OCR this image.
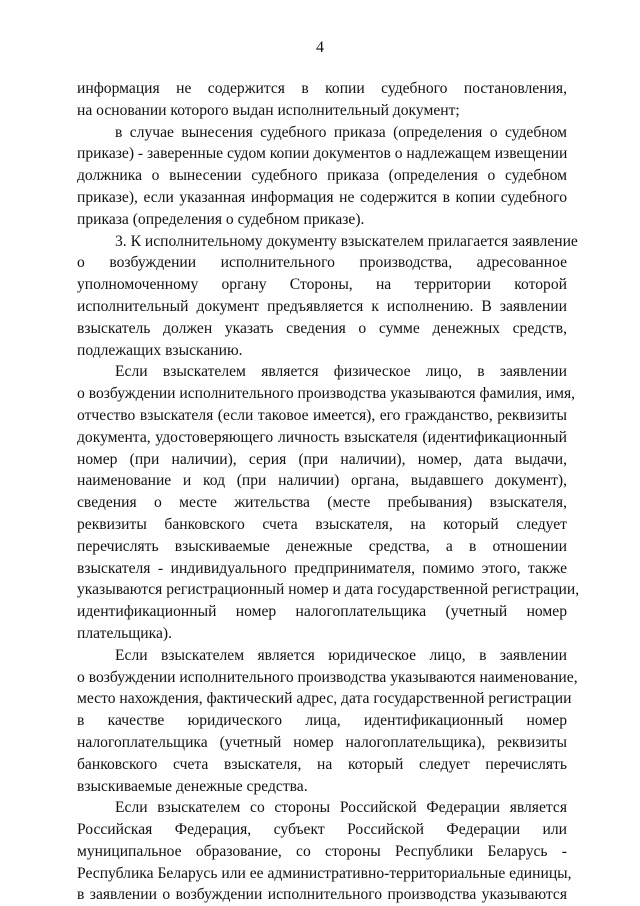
4
информация не содержится в копии судебного постановления,
на основании которого выдан исполнительный документ;
в случае вынесения судебного приказа (определения о судебном
приказе) - заверенные судом копии документов о надлежащем извещении
должника о вынесении судебного приказа (определения о судебном
приказе), если указанная информация не содержится в копии судебного
приказа (определения о судебном приказе).
3. К исполнительному документу взыскателем прилагается заявление
о возбуждении исполнительного производства, адресованное
уполномоченному органу Стороны, на территории которой
исполнительный документ предъявляется к исполнению. В заявлении
взыскатель должен указать сведения о сумме денежных средств,
подлежащих взысканию.
Если взыскателем является физическое лицо, в заявлении
о возбуждении исполнительного производства указываются фамилия, имя,
отчество взыскателя (если таковое имеется), его гражданство, реквизиты
документа, удостоверяющего личность взыскателя (идентификационный
номер (при наличии), серия (при наличии), номер, дата выдачи,
наименование и код (при наличии) органа, выдавшего документ),
сведения о месте жительства (месте пребывания) взыскателя,
реквизиты банковского счета взыскателя, на который следует
перечислять взыскиваемые денежные средства, а в отношении
взыскателя - индивидуального предпринимателя, помимо этого, также
указываются регистрационный номер и дата государственной регистрации,
идентификационный номер налогоплательщика (учетный номер
плательщика).
Если взыскателем является юридическое лицо, в заявлении
о возбуждении исполнительного производства указываются наименование,
место нахождения, фактический адрес, дата государственной регистрации
в качестве юридического лица, идентификационный номер
налогоплательщика (учетный номер налогоплательщика), реквизиты
банковского счета взыскателя, на который следует перечислять
взыскиваемые денежные средства.
Если взыскателем со стороны Российской Федерации является
Российская Федерация, субъект Российской Федерации или
муниципальное образование, со стороны Республики Беларусь -
Республика Беларусь или ее административно-территориальные единицы,
в заявлении о возбуждении исполнительного производства указываются
